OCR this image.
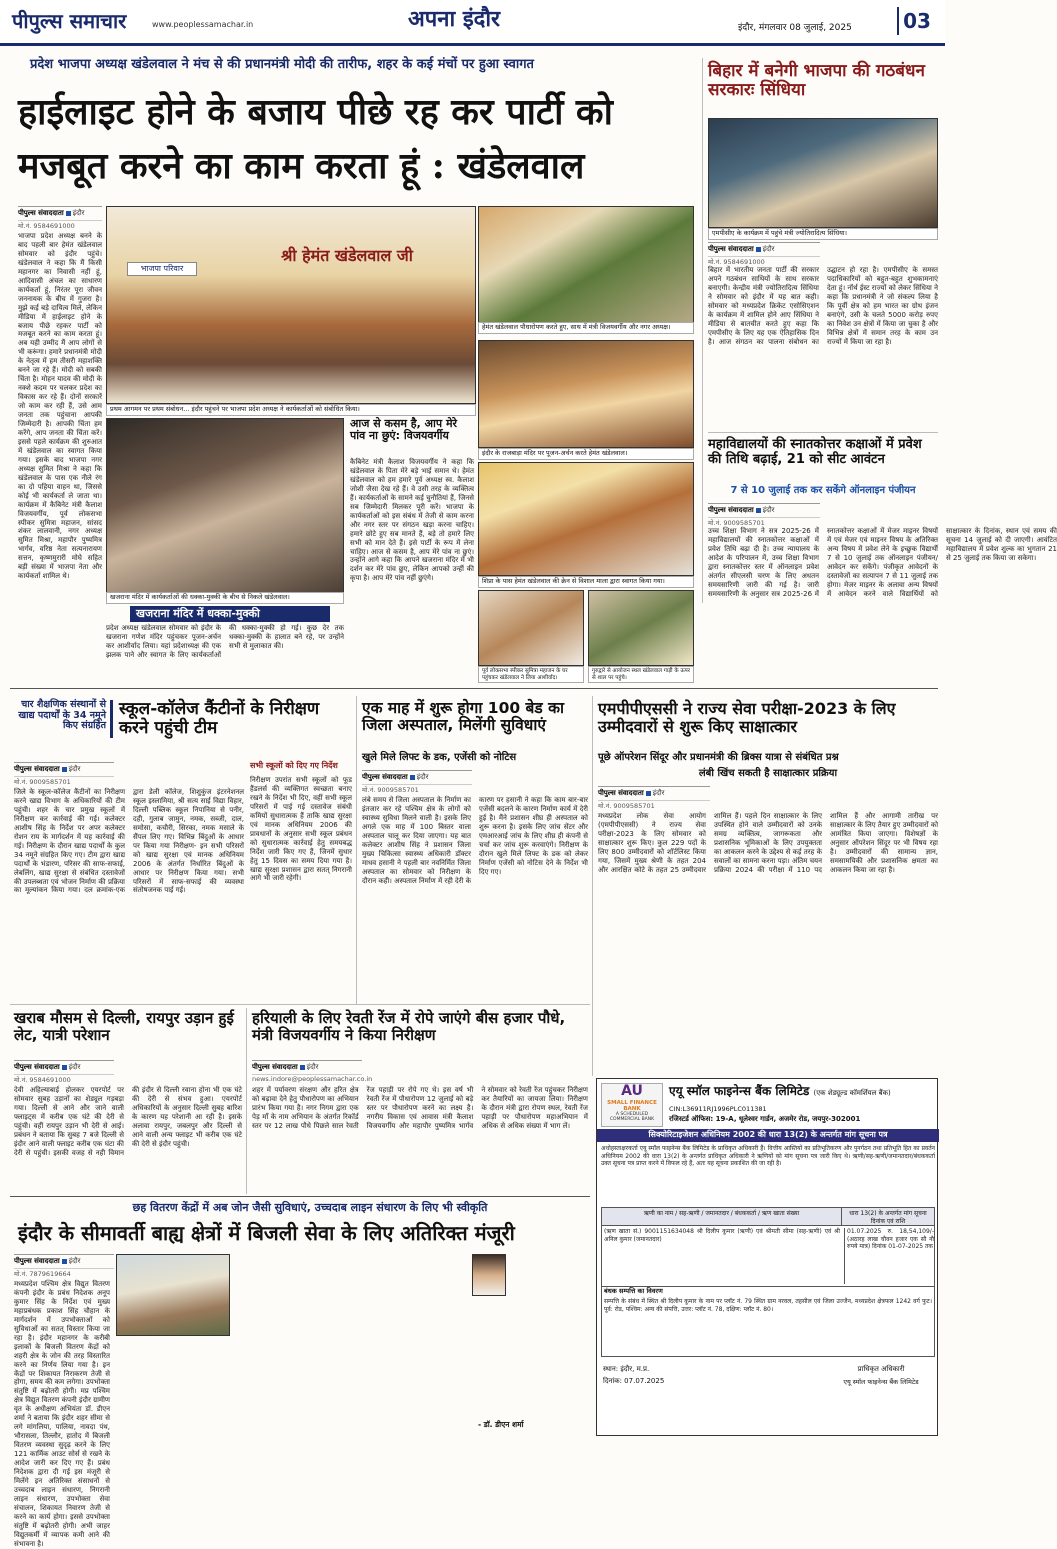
पीपुल्स समाचार	www.peoplessamachar.in	अपना इंदौर	इंदौर, मंगलवार 08 जुलाई, 2025	03
प्रदेश भाजपा अध्यक्ष खंडेलवाल ने मंच से की प्रधानमंत्री मोदी की तारीफ, शहर के कई मंचों पर हुआ स्वागत
हाईलाइट होने के बजाय पीछे रह कर पार्टी को
मजबूत करने का काम करता हूं : खंडेलवाल
बिहार में बनेगी भाजपा की गठबंधन सरकारः सिंधिया
एमपीसीए के कार्यक्रम में पहुंचे मंत्री ज्योतिरादित्य सिंधिया।
पीपुल्स संवाददाता इंदौर
मो.नं. 9584691000
बिहार में भारतीय जनता पार्टी की सरकार अपने गठबंधन साथियों के साथ सरकार बनाएगी। केन्द्रीय मंत्री ज्योतिरादित्य सिंधिया ने सोमवार को इंदौर में यह बात कही। सोमवार को मध्यप्रदेश क्रिकेट एसोसिएशन के कार्यक्रम में शामिल होने आए सिंधिया ने मीडिया से बातचीत करते हुए कहा कि एमपीसीए के लिए यह एक ऐतिहासिक दिन है। आज संगठन का पालना संबोधन का उद्घाटन हो रहा है। एमपीसीए के समस्त पदाधिकारियों को बहुत-बहुत शुभकामनाएं देता हूं। नॉर्थ ईस्ट राज्यों को लेकर सिंधिया ने कहा कि प्रधानमंत्री ने जो संकल्प लिया है कि पूर्वी क्षेत्र को हम भारत का ग्रोथ इंजन बनाएंगे, उसी के चलते 5000 करोड़ रुपए का निवेश उन क्षेत्रों में किया जा चुका है और विभिन्न क्षेत्रों में समान तरह के काम उन राज्यों में किया जा रहा है।
महाविद्यालयों की स्नातकोत्तर कक्षाओं में प्रवेश की तिथि बढ़ाई, 21 को सीट आवंटन
7 से 10 जुलाई तक कर सकेंगे ऑनलाइन पंजीयन
पीपुल्स संवाददाता इंदौर
मो.नं. 9009585701
उच्च शिक्षा विभाग ने सत्र 2025-26 में महाविद्यालयों की स्नातकोत्तर कक्षाओं में प्रवेश तिथि बढ़ा दी है। उच्च न्यायालय के आदेश के परिपालन में, उच्च शिक्षा विभाग द्वारा स्नातकोत्तर स्तर में ऑनलाइन प्रवेश अंतर्गत सीएलसी चरण के लिए अधतन समयसारिणी जारी की गई है। जारी समयसारिणी के अनुसार सत्र 2025-26 में स्नातकोत्तर कक्षाओं में मेजर माइनर विषयों में एवं मेजर एवं माइनर विषय के अतिरिक्त अन्य विषय में प्रवेश लेने के इच्छुक विद्यार्थी 7 से 10 जुलाई तक ऑनलाइन पंजीयन/आवेदन कर सकेंगे। पंजीकृत आवेदनों के दस्तावेजों का सत्यापन 7 से 11 जुलाई तक होगा। मेजर माइनर के अलावा अन्य विषयों में आवेदन करने वाले विद्यार्थियों को साक्षात्कार के दिनांक, स्थान एवं समय की सूचना 14 जुलाई को दी जाएगी। आवंटित महाविद्यालय में प्रवेश शुल्क का भुगतान 21 से 25 जुलाई तक किया जा सकेगा।
पीपुल्स संवाददाता इंदौर
मो.नं. 9584691000
भाजपा प्रदेश अध्यक्ष बनने के बाद पहली बार हेमंत खंडेलवाल सोमवार को इंदौर पहुंचे। खंडेलवाल ने कहा कि मैं किसी महानगर का निवासी नहीं हूं, आदिवासी अंचल का साधारण कार्यकर्ता हूं, निरंतर पूरा जीवन जननायक के बीच में गुजरा है। मुझे कई बड़े दायित्व मिले, लेकिन मीडिया में हाईलाइट होने के बजाय पीछे रहकर पार्टी को मजबूत करने का काम करता हूं। अब यही उम्मीद मैं आप लोगों से भी करूंगा। हमारे प्रधानमंत्री मोदी के नेतृत्व में हम तीसरी महाशक्ति बनने जा रहे हैं। मोदी को सबकी चिंता है। मोहन यादव की मोदी के नक्शे कदम पर चलकर प्रदेश का विकास कर रहे हैं। दोनों सरकारें जो काम कर रही हैं, उसे आम जनता तक पहुंचाना आपकी जिम्मेदारी है। आपकी चिंता हम करेंगे, आप जनता की चिंता करें। इससे पहले कार्यक्रम की शुरुआत में खंडेलवाल का स्वागत किया गया। इसके बाद भाजपा नगर अध्यक्ष सुमित मिश्रा ने कहा कि खंडेलवाल के पास एक नीले रंग का दो पहिया वाहन था, जिससे कोई भी कार्यकर्ता ले जाता था। कार्यक्रम में कैबिनेट मंत्री कैलाश विजयवर्गीय, पूर्व लोकसभा स्पीकर सुमित्रा महाजन, सांसद शंकर लालवानी, नगर अध्यक्ष सुमित मिश्रा, महापौर पुष्यमित्र भार्गव, वरिष्ठ नेता सत्यनारायण सत्तन, कृष्णमुरारी मोघे सहित बड़ी संख्या में भाजपा नेता और कार्यकर्ता शामिल थे।
श्री हेमंत खंडेलवाल जी
भाजपा परिवार
प्रथम आगमन पर प्रथम संबोधन... इंदौर पहुंचने पर भाजपा प्रदेश अध्यक्ष ने कार्यकर्ताओं को संबोधित किया।
हेमंत खंडेलवाल पौधारोपण करते हुए, साथ में मंत्री विजयवर्गीय और नगर अध्यक्ष।
इंदौर के राजबाड़ा मंदिर पर पूजन-अर्चन करते हेमंत खंडेलवाल।
शिप्रा के पास हेमंत खंडेलवाल की क्रेन से विशाल माला द्वारा स्वागत किया गया।
खजराना मंदिर में कार्यकर्ताओं की धक्का-मुक्की के बीच से निकले खंडेलवाल।
खजराना मंदिर में धक्का-मुक्की
प्रदेश अध्यक्ष खंडेलवाल सोमवार को इंदौर के खजराना गणेश मंदिर पहुंचकर पूजन-अर्चन कर आशीर्वाद लिया। यहां प्रदेशाध्यक्ष की एक झलक पाने और स्वागत के लिए कार्यकर्ताओं की धक्का-मुक्की हो गई। कुछ देर तक धक्का-मुक्की के हालात बने रहे, पर उन्होंने सभी से मुलाकात की।
आज से कसम है, आप मेरे पांव ना छुएं: विजयवर्गीय
कैबिनेट मंत्री कैलाश विजयवर्गीय ने कहा कि खंडेलवाल के पिता मेरे बड़े भाई समान थे। हेमंत खंडेलवाल को हम हमारे पूर्व अध्यक्ष स्व. कैलाश जोशी जैसा देख रहे हैं। वे उसी तरह के व्यक्तित्व हैं। कार्यकर्ताओं के सामने कई चुनौतियां हैं, जिनसे सब जिम्मेदारी मिलकर पूरी करें। भाजपा के कार्यकर्ताओं को इस संबंध में तेजी से काम करना और नगर स्तर पर संगठन खड़ा करना चाहिए। हमारे छोटे हुए सब मानते हैं, बड़े तो हमारे लिए सभी को मान देते हैं। इसे पार्टी के रूप में लेना चाहिए। आज से कसम है, आप मेरे पांव ना छुएं। उन्होंने आगे कहा कि आपने खजराना मंदिर में भी दर्शन कर मेरे पांव छुए, लेकिन आपको उन्हीं की कृपा है। आप मेरे पांव नहीं छुएंगे।
पूर्व लोकसभा स्पीकर सुमित्रा महाजन के घर पहुंचकर खंडेलवाल ने लिया आशीर्वाद।
गुरुद्वारे से आयोजन स्थल खंडेलवाल गाड़ी के ऊपर से शाल पर पहुंचे।
चार शैक्षणिक संस्थानों से खाद्य पदार्थों के 34 नमूने किए संग्रहित
स्कूल-कॉलेज कैंटीनों के निरीक्षण करने पहुंची टीम
पीपुल्स संवाददाता इंदौर
मो.नं. 9009585701
जिले के स्कूल-कॉलेज कैंटीनों का निरीक्षण करने खाद्य विभाग के अधिकारियों की टीम पहुंची। शहर के चार प्रमुख स्कूलों में निरीक्षण कर कार्रवाई की गई। कलेक्टर आशीष सिंह के निर्देश पर अपर कलेक्टर रोशन राय के मार्गदर्शन में यह कार्रवाई की गई। निरीक्षण के दौरान खाद्य पदार्थों के कुल 34 नमूने संग्रहित किए गए। टीम द्वारा खाद्य पदार्थों के भंडारण, परिसर की साफ-सफाई, लेबलिंग, खाद्य सुरक्षा से संबंधित दस्तावेजों की उपलब्धता एवं भोजन निर्माण की प्रक्रिया का मूल्यांकन किया गया। दल क्रमांक-एक द्वारा डेली कॉलेज, शिशुकुंज इंटरनेशनल स्कूल इस्लामिया, श्री सत्य साई विद्या विहार, दिल्ली पब्लिक स्कूल निपानिया से पनीर, दही, गुलाब जामुन, नमक, सब्जी, दाल, समोसा, कचौरी, सिरका, नमक मसाले के सैंपल लिए गए। विभिन्न बिंदुओं के आधार पर किया गया निरीक्षण- इन सभी परिसरों को खाद्य सुरक्षा एवं मानक अधिनियम 2006 के अंतर्गत निर्धारित बिंदुओं के आधार पर निरीक्षण किया गया। सभी परिसरों में साफ-सफाई की व्यवस्था संतोषजनक पाई गई।
सभी स्कूलों को दिए गए निर्देश
निरीक्षण उपरांत सभी स्कूलों को फूड हैंडलर्स की व्यक्तिगत स्वच्छता बनाए रखने के निर्देश भी दिए, वहीं सभी स्कूल परिसरों में पाई गई दस्तावेज संबंधी कमियों सुधारात्मक हैं ताकि खाद्य सुरक्षा एवं मानक अधिनियम 2006 की प्रावधानों के अनुसार सभी स्कूल प्रबंधन को सुधारात्मक कार्रवाई हेतु समयबद्ध निर्देश जारी किए गए हैं, जिनमें सुधार हेतु 15 दिवस का समय दिया गया है। खाद्य सुरक्षा प्रशासन द्वारा सतत् निगरानी आगे भी जारी रहेगी।
एक माह में शुरू होगा 100 बेड का जिला अस्पताल, मिलेंगी सुविधाएं
खुले मिले लिफ्ट के डक, एजेंसी को नोटिस
पीपुल्स संवाददाता इंदौर
मो.नं. 9009585701
लंबे समय से जिला अस्पताल के निर्माण का इंतजार कर रहे पश्चिम क्षेत्र के लोगों को स्वास्थ्य सुविधा मिलने वाली है। इसके लिए अगले एक माह में 100 बिस्तर वाला अस्पताल चालू कर दिया जाएगा। यह बात कलेक्टर आशीष सिंह ने प्रशासन जिला मुख्य चिकित्सा स्वास्थ्य अधिकारी डॉक्टर माधव हसानी ने पहली बार नवनिर्मित जिला अस्पताल का सोमवार को निरीक्षण के दौरान कही। अस्पताल निर्माण में रही देरी के कारण पर हसानी ने कहा कि काम बार-बार एजेंसी बदलने के कारण निर्माण कार्य में देरी हुई है। मैंने प्रशासन शीघ्र ही अस्पताल को शुरू करना है। इसके लिए जांच सेंटर और एमआरआई जांच के लिए शीघ्र ही कंपनी से चर्चा कर जांच शुरू करवाएंगे। निरीक्षण के दौरान खुले मिले लिफ्ट के डक को लेकर निर्माण एजेंसी को नोटिस देने के निर्देश भी दिए गए।
एमपीपीएससी ने राज्य सेवा परीक्षा-2023 के लिए उम्मीदवारों से शुरू किए साक्षात्कार
पूछे ऑपरेशन सिंदूर और प्रधानमंत्री की ब्रिक्स यात्रा से संबंधित प्रश्न
लंबी खिंच सकती है साक्षात्कार प्रक्रिया
पीपुल्स संवाददाता इंदौर
मो.नं. 9009585701
मध्यप्रदेश लोक सेवा आयोग (एमपीपीएससी) ने राज्य सेवा परीक्षा-2023 के लिए सोमवार को साक्षात्कार शुरू किए। कुल 229 पदों के लिए 800 उम्मीदवारों को शॉर्टलिस्ट किया गया, जिसमें मुख्य श्रेणी के तहत 204 और आरक्षित कोटे के तहत 25 उम्मीदवार शामिल हैं। पहले दिन साक्षात्कार के लिए उपस्थित होने वाले उम्मीदवारों को उनके समग्र व्यक्तित्व, जागरूकता और प्रशासनिक भूमिकाओं के लिए उपयुक्तता का आकलन करने के उद्देश्य से कई तरह के सवालों का सामना करना पड़ा। अंतिम चयन प्रक्रिया 2024 की परीक्षा में 110 पद शामिल हैं और आगामी तारीख पर साक्षात्कार के लिए तैयार हुए उम्मीदवारों को आमंत्रित किया जाएगा। विशेषज्ञों के अनुसार ऑपरेशन सिंदूर पर भी विषय रहा है। उम्मीदवारों की सामान्य ज्ञान, समसामयिकी और प्रशासनिक क्षमता का आकलन किया जा रहा है।
खराब मौसम से दिल्ली, रायपुर उड़ान हुई लेट, यात्री परेशान
पीपुल्स संवाददाता इंदौर
मो.नं. 9584691000
देवी अहिल्याबाई होलकर एयरपोर्ट पर सोमवार सुबह उड़ानों का शेड्यूल गड़बड़ा गया। दिल्ली से आने और जाने वाली फ्लाइट्स में करीब एक घंटे की देरी से पहुंची। वहीं रायपुर उड़ान भी देरी से आई। प्रबंधन ने बताया कि सुबह 7 बजे दिल्ली से इंदौर आने वाली फ्लाइट करीब एक घंटा की देरी से पहुंची। इसकी वजह से नही विमान की इंदौर से दिल्ली रवाना होना भी एक घंटे की देरी से संभव हुआ। एयरपोर्ट अधिकारियों के अनुसार दिल्ली सुबह बारिश के कारण यह परेशानी आ रही है। इसके अलावा रायपुर, जबलपुर और दिल्ली से आने वाली अन्य फ्लाइट भी करीब एक घंटे की देरी से इंदौर पहुंची।
हरियाली के लिए रेवती रेंज में रोपे जाएंगे बीस हजार पौधे, मंत्री विजयवर्गीय ने किया निरीक्षण
पीपुल्स संवाददाता इंदौर
news.indore@peoplessamachar.co.in
शहर में पर्यावरण संरक्षण और हरित क्षेत्र को बढ़ावा देने हेतु पौधारोपण का अभियान प्रारंभ किया गया है। नगर निगम द्वारा एक पेड़ माँ के नाम अभियान के अंतर्गत रिकॉर्ड स्तर पर 12 लाख पौधे पिछले साल रेवती रेंज पहाड़ी पर रोपे गए थे। इस वर्ष भी रेवती रेंज में पौधारोपण 12 जुलाई को बड़े स्तर पर पौधारोपण करने का लक्ष्य है। नगरीय विकास एवं आवास मंत्री कैलाश विजयवर्गीय और महापौर पुष्यमित्र भार्गव ने सोमवार को रेवती रेंज पहुंचकर निरीक्षण कर तैयारियों का जायजा लिया। निरीक्षण के दौरान मंत्री द्वारा रोपण स्थल, रेवती रेंज पहाड़ी पर पौधारोपण महाअभियान में अधिक से अधिक संख्या में भाग लें।
छह वितरण केंद्रों में अब जोन जैसी सुविधाएं, उच्चदाब लाइन संधारण के लिए भी स्वीकृति
इंदौर के सीमावर्ती बाह्य क्षेत्रों में बिजली सेवा के लिए अतिरिक्त मंजूरी
पीपुल्स संवाददाता इंदौर
मो.नं. 7879619664
मध्यप्रदेश पश्चिम क्षेत्र विद्युत वितरण कंपनी इंदौर के प्रबंध निदेशक अनूप कुमार सिंह के निर्देश एवं मुख्य महाप्रबंधक प्रकाश सिंह चौहान के मार्गदर्शन में उपभोक्ताओं को सुविधाओं का सतत् विस्तार किया जा रहा है। इंदौर महानगर के करीबी इलाकों के बिजली वितरण केंद्रों को शहरी क्षेत्र के जोन की तरह विस्तारित करने का निर्णय लिया गया है। इन केंद्रों पर शिकायत निराकरण तेजी से होगा, समय की कम लगेगा। उपभोक्ता संतुष्टि में बढ़ोतरी होगी। मप्र पश्चिम क्षेत्र विद्युत वितरण कंपनी इंदौर ग्रामीण वृत के अधीक्षण अभियंता डॉ. डीएन शर्मा ने बताया कि इंदौर शहर सीमा से लगे मांगलिया, पालिया, नावदा पंथ, भौरासला, तिल्लौर, हातोद में बिजली वितरण व्यवस्था सुदृढ़ करने के लिए 121 कार्मिक आउट सोर्स से रखने के आदेश जारी कर दिए गए हैं। प्रबंध निदेशक द्वारा दी गई इस मंजूरी से मिलेंगे इन अतिरिक्त संसाधनों से उच्चदाब लाइन संधारण, निगरानी लाइन संधारण, उपभोक्ता सेवा संचालन, शिकायत निवारण तेजी से करने का कार्य होगा। इससे उपभोक्ता संतुष्टि में बढ़ोतरी होगी। अभी जाहर विद्युतकर्मी में व्यापक कमी आने की संभावना है।
- डॉ. डीएन शर्मा
AU
SMALL FINANCE BANK
A SCHEDULED COMMERCIAL BANK
एयू स्मॉल फाइनेन्स बैंक लिमिटेड (एक शेड्यूल्ड कॉमर्शियल बैंक)
CIN:L36911RJ1996PLC011381
रजिस्टर्ड ऑफिस: 19-A, धूलेश्वर गार्डन, अजमेर रोड, जयपुर-302001
सिक्योरिटाइजेशन अधिनियम 2002 की धारा 13(2) के अन्तर्गत मांग सूचना पत्र
अधोहस्ताक्षरकर्ता एयू स्मॉल फाइनेन्स बैंक लिमिटेड के प्राधिकृत अधिकारी हैं। वित्तीय आस्तियों का प्रतिभूतिकरण और पुनर्गठन तथा प्रतिभूति हित का प्रवर्तन अधिनियम 2002 की धारा 13(2) के अन्तर्गत प्राधिकृत अधिकारी ने ऋणियों को मांग सूचना पत्र जारी किए थे। ऋणी/सह-ऋणी/जमानतदार/बंधककर्ता उक्त सूचना पत्र प्राप्त करने में विफल रहे हैं, अतः यह सूचना प्रकाशित की जा रही है।
ऋणी का नाम / सह-ऋणी / जमानतदार / बंधककर्ता / ऋण खाता संख्या	धारा 13(2) के अन्तर्गत मांग सूचना दिनांक एवं राशि
(ऋण खाता सं.) 9001151634048 श्री दिलीप कुमार (ऋणी) एवं श्रीमती सीमा (सह-ऋणी) एवं श्री अनिल कुमार (जमानतदार)
01.07.2025 रु. 18,54,109/- (अठारह लाख चौवन हजार एक सौ नौ रुपये मात्र) दिनांक 01-07-2025 तक
बंधक सम्पत्ति का विवरण
सम्पत्ति के संबंध में स्थित श्री दिलीप कुमार के नाम पर प्लॉट नं. 79 स्थित ग्राम नरवल, तहसील एवं जिला उज्जैन, मध्यप्रदेश क्षेत्रफल 1242 वर्ग फुट। पूर्व: रोड, पश्चिम: अन्य की संपत्ति, उत्तर: प्लॉट नं. 78, दक्षिण: प्लॉट नं. 80।
स्थान: इंदौर, म.प्र.
दिनांक: 07.07.2025
प्राधिकृत अधिकारी
एयू स्मॉल फाइनेन्स बैंक लिमिटेड
